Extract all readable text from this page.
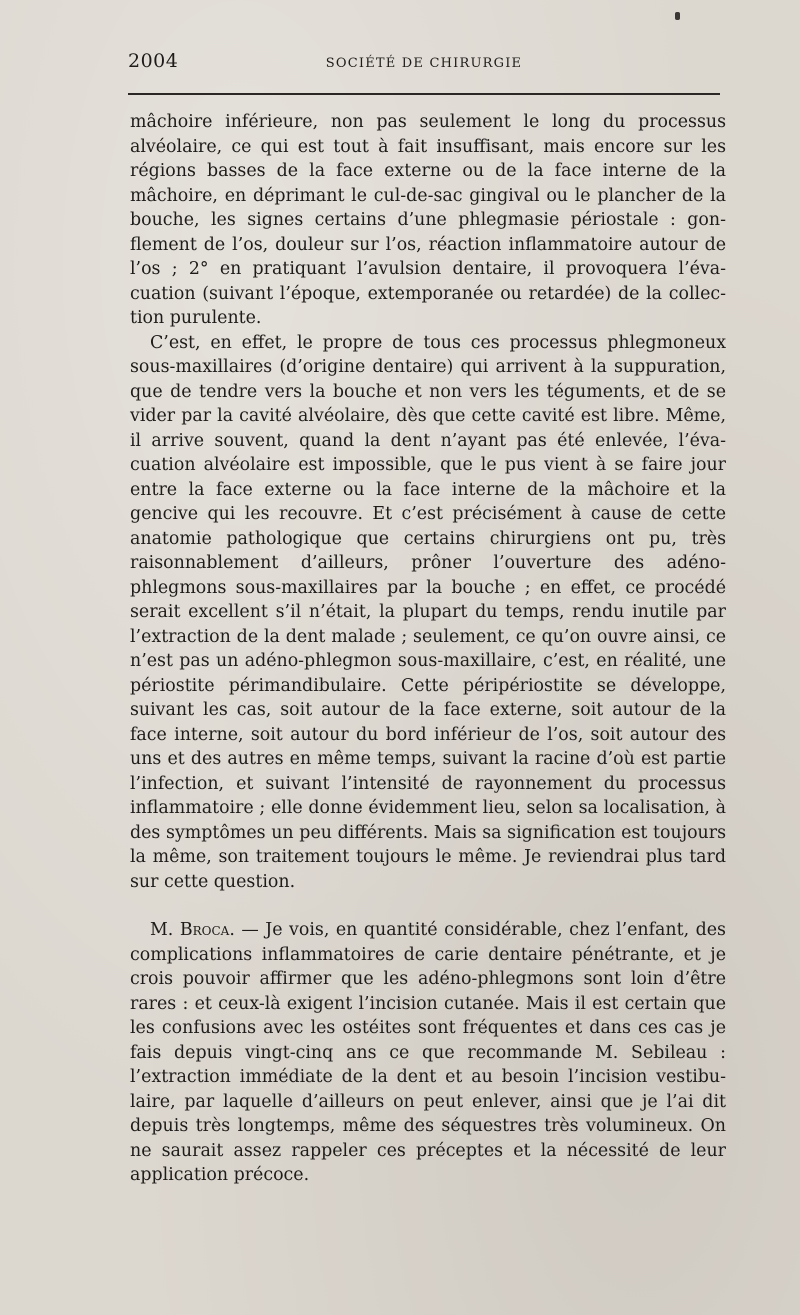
2004	SOCIÉTÉ DE CHIRURGIE

mâchoire inférieure, non pas seulement le long du processus alvéolaire, ce qui est tout à fait insuffisant, mais encore sur les régions basses de la face externe ou de la face interne de la mâchoire, en déprimant le cul-de-sac gingival ou le plancher de la bouche, les signes certains d’une phlegmasie périostale : gonflement de l’os, douleur sur l’os, réaction inflammatoire autour de l’os ; 2° en pratiquant l’avulsion dentaire, il provoquera l’évacuation (suivant l’époque, extemporanée ou retardée) de la collection purulente.

C’est, en effet, le propre de tous ces processus phlegmoneux sous-maxillaires (d’origine dentaire) qui arrivent à la suppuration, que de tendre vers la bouche et non vers les téguments, et de se vider par la cavité alvéolaire, dès que cette cavité est libre. Même, il arrive souvent, quand la dent n’ayant pas été enlevée, l’évacuation alvéolaire est impossible, que le pus vient à se faire jour entre la face externe ou la face interne de la mâchoire et la gencive qui les recouvre. Et c’est précisément à cause de cette anatomie pathologique que certains chirurgiens ont pu, très raisonnablement d’ailleurs, prôner l’ouverture des adéno-phlegmons sous-maxillaires par la bouche ; en effet, ce procédé serait excellent s’il n’était, la plupart du temps, rendu inutile par l’extraction de la dent malade ; seulement, ce qu’on ouvre ainsi, ce n’est pas un adéno-phlegmon sous-maxillaire, c’est, en réalité, une périostite périmandibulaire. Cette péripériostite se développe, suivant les cas, soit autour de la face externe, soit autour de la face interne, soit autour du bord inférieur de l’os, soit autour des uns et des autres en même temps, suivant la racine d’où est partie l’infection, et suivant l’intensité de rayonnement du processus inflammatoire ; elle donne évidemment lieu, selon sa localisation, à des symptômes un peu différents. Mais sa signification est toujours la même, son traitement toujours le même. Je reviendrai plus tard sur cette question.

M. Broca. — Je vois, en quantité considérable, chez l’enfant, des complications inflammatoires de carie dentaire pénétrante, et je crois pouvoir affirmer que les adéno-phlegmons sont loin d’être rares : et ceux-là exigent l’incision cutanée. Mais il est certain que les confusions avec les ostéites sont fréquentes et dans ces cas je fais depuis vingt-cinq ans ce que recommande M. Sebileau : l’extraction immédiate de la dent et au besoin l’incision vestibulaire, par laquelle d’ailleurs on peut enlever, ainsi que je l’ai dit depuis très longtemps, même des séquestres très volumineux. On ne saurait assez rappeler ces préceptes et la nécessité de leur application précoce.
